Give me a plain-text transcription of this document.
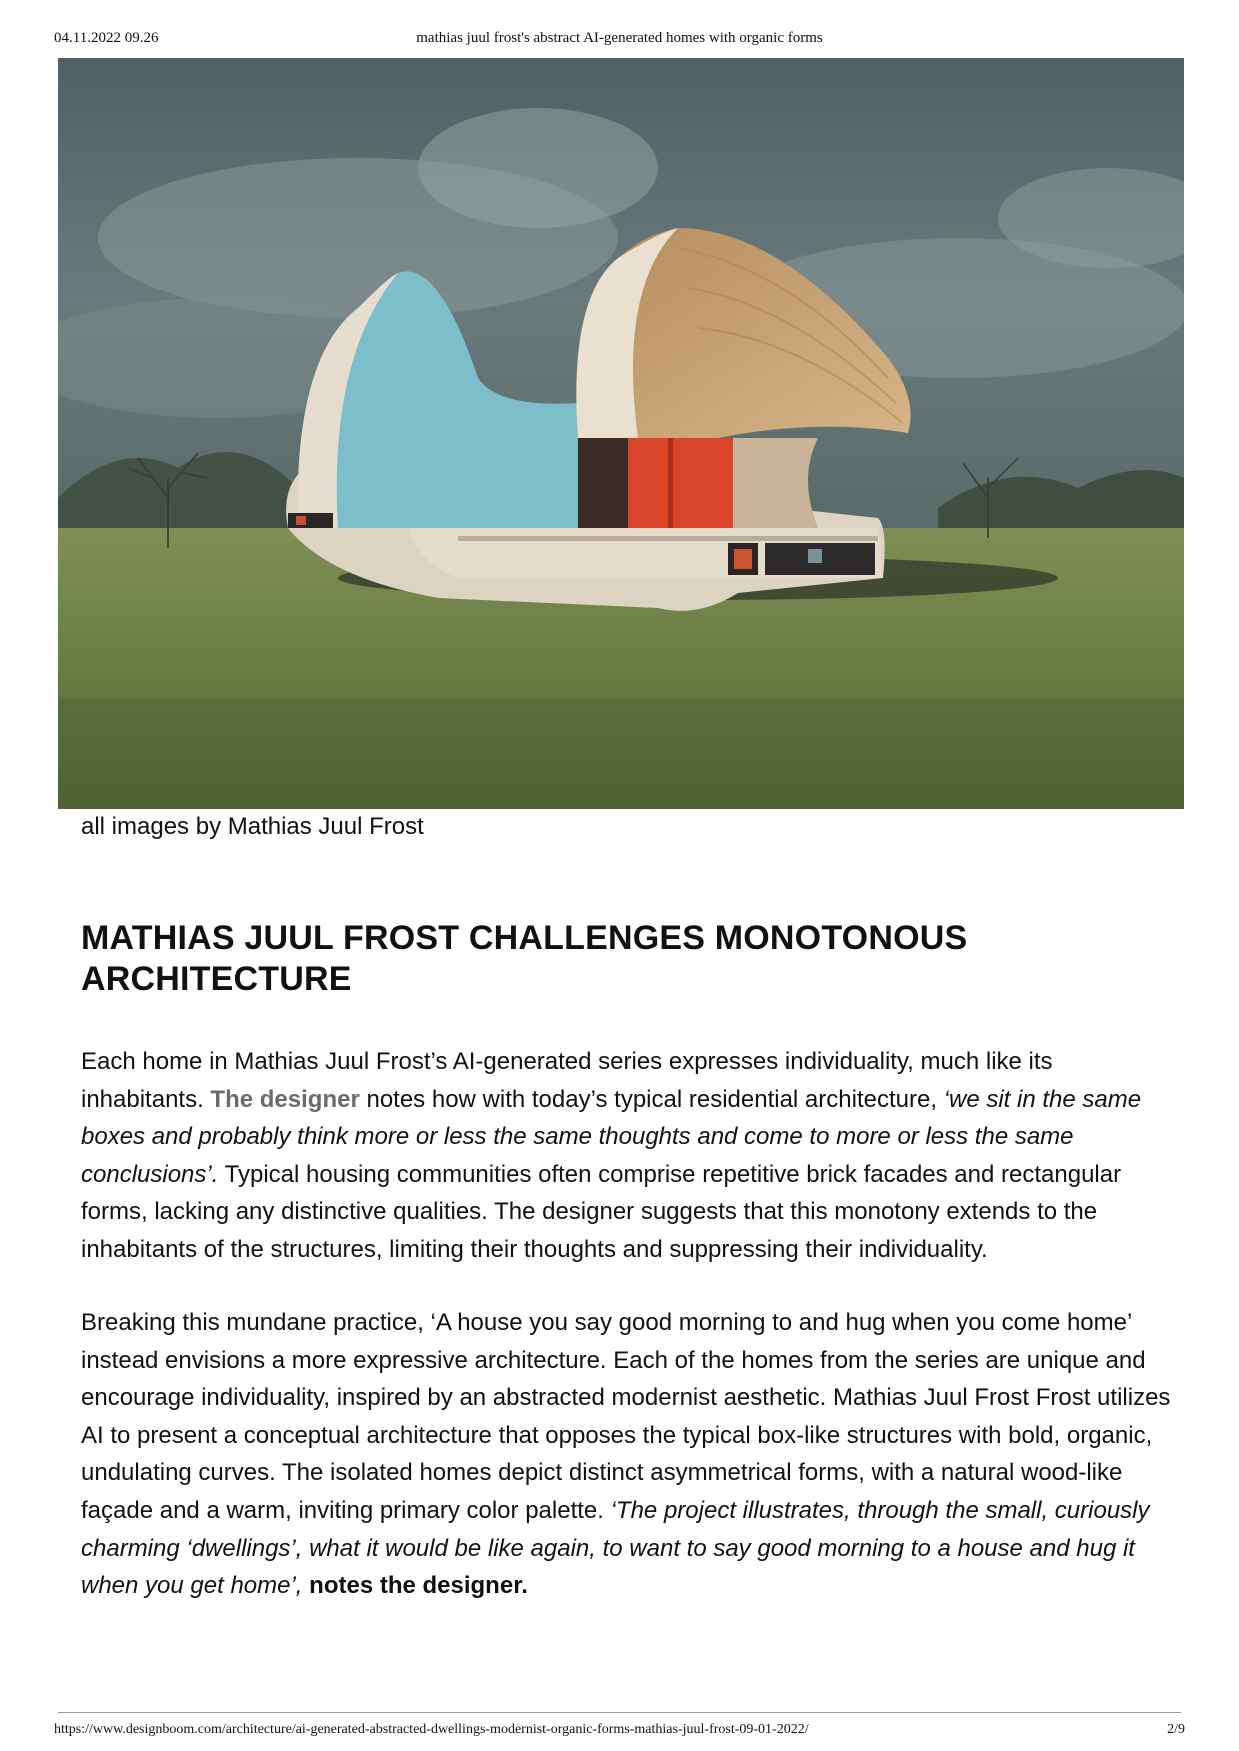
04.11.2022 09.26	mathias juul frost's abstract AI-generated homes with organic forms
all images by Mathias Juul Frost
MATHIAS JUUL FROST CHALLENGES MONOTONOUS ARCHITECTURE

Each home in Mathias Juul Frost’s AI-generated series expresses individuality, much like its inhabitants. The designer notes how with today’s typical residential architecture, ‘we sit in the same boxes and probably think more or less the same thoughts and come to more or less the same conclusions’. Typical housing communities often comprise repetitive brick facades and rectangular forms, lacking any distinctive qualities. The designer suggests that this monotony extends to the inhabitants of the structures, limiting their thoughts and suppressing their individuality.

Breaking this mundane practice, ‘A house you say good morning to and hug when you come home’ instead envisions a more expressive architecture. Each of the homes from the series are unique and encourage individuality, inspired by an abstracted modernist aesthetic. Mathias Juul Frost Frost utilizes AI to present a conceptual architecture that opposes the typical box-like structures with bold, organic, undulating curves. The isolated homes depict distinct asymmetrical forms, with a natural wood-like façade and a warm, inviting primary color palette. ‘The project illustrates, through the small, curiously charming ‘dwellings’, what it would be like again, to want to say good morning to a house and hug it when you get home’, notes the designer.

https://www.designboom.com/architecture/ai-generated-abstracted-dwellings-modernist-organic-forms-mathias-juul-frost-09-01-2022/	2/9
